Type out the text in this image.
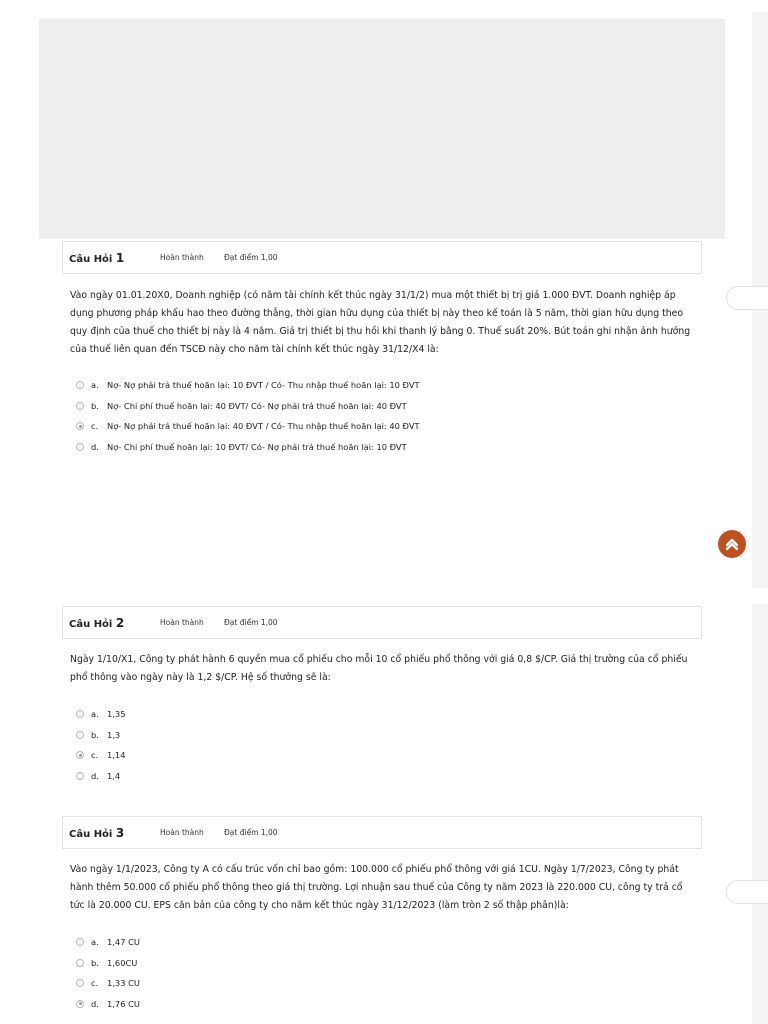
Câu Hỏi 1	Hoàn thành	Đạt điểm 1,00
Vào ngày 01.01.20X0, Doanh nghiệp (có năm tài chính kết thúc ngày 31/1/2) mua một thiết bị trị giá 1.000 ĐVT. Doanh nghiệp áp dụng phương pháp khấu hao theo đường thẳng, thời gian hữu dụng của thiết bị này theo kế toán là 5 năm, thời gian hữu dụng theo quy định của thuế cho thiết bị này là 4 năm. Giá trị thiết bị thu hồi khi thanh lý bằng 0. Thuế suất 20%. Bút toán ghi nhận ảnh hưởng của thuế liên quan đến TSCĐ này cho năm tài chính kết thúc ngày 31/12/X4 là:
a. Nợ- Nợ phải trả thuế hoãn lại: 10 ĐVT / Có- Thu nhập thuế hoãn lại: 10 ĐVT
b. Nợ- Chi phí thuế hoãn lại: 40 ĐVT/ Có- Nợ phải trả thuế hoãn lại: 40 ĐVT
c.	Nợ- Nợ phải trả thuế hoãn lại: 40 ĐVT / Có- Thu nhập thuế hoãn lại: 40 ĐVT
d. Nợ- Chi phí thuế hoãn lại: 10 ĐVT/ Có- Nợ phải trả thuế hoãn lại: 10 ĐVT
Câu Hỏi 2	Hoàn thành	Đạt điểm 1,00
Ngày 1/10/X1, Công ty phát hành 6 quyền mua cổ phiếu cho mỗi 10 cổ phiếu phổ thông với giá 0,8 $/CP. Giá thị trường của cổ phiếu phổ thông vào ngày này là 1,2 $/CP. Hệ số thưởng sẽ là:
a. 1,35
b. 1,3
c.	1,14
d. 1,4
Câu Hỏi 3	Hoàn thành	Đạt điểm 1,00
Vào ngày 1/1/2023, Công ty A có cấu trúc vốn chỉ bao gồm: 100.000 cổ phiếu phổ thông với giá 1CU. Ngày 1/7/2023, Công ty phát hành thêm 50.000 cổ phiếu phổ thông theo giá thị trường. Lợi nhuận sau thuế của Công ty năm 2023 là 220.000 CU, công ty trả cổ tức là 20.000 CU. EPS căn bản của công ty cho năm kết thúc ngày 31/12/2023 (làm tròn 2 số thập phân)là:
a. 1,47 CU
b. 1,60CU
c.	1,33 CU
d. 1,76 CU
